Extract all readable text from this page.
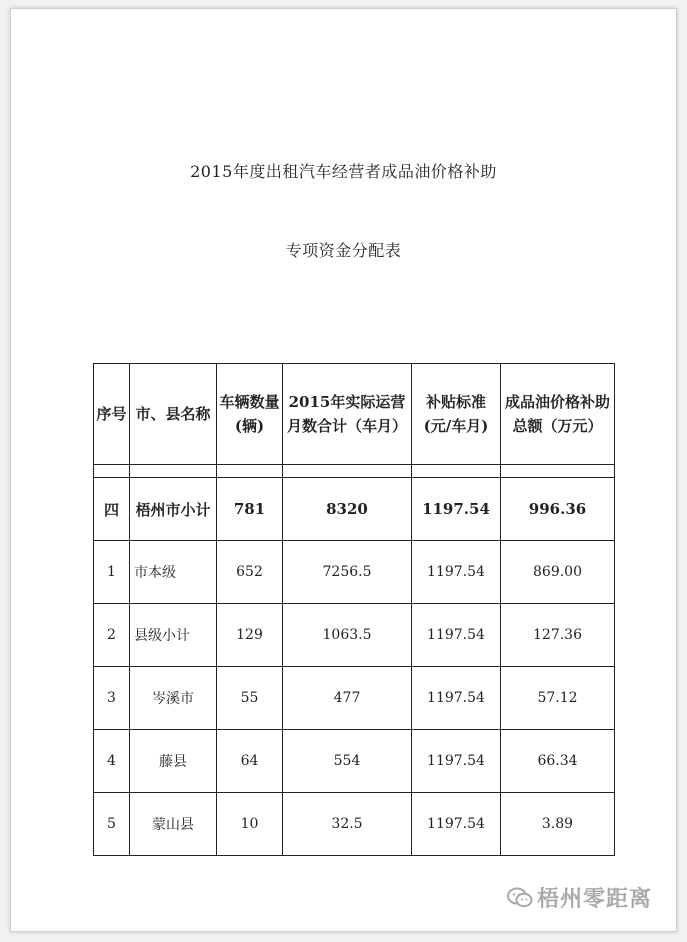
2015年度出租汽车经营者成品油价格补助
专项资金分配表
序号	市、县名称	车辆数量(辆)	2015年实际运营月数合计（车月）	补贴标准(元/车月)	成品油价格补助总额（万元）

四	梧州市小计	781	8320	1197.54	996.36
1	市本级	652	7256.5	1197.54	869.00
2	县级小计	129	1063.5	1197.54	127.36
3	岑溪市	55	477	1197.54	57.12
4	藤县	64	554	1197.54	66.34
5	蒙山县	10	32.5	1197.54	3.89
梧州零距离
